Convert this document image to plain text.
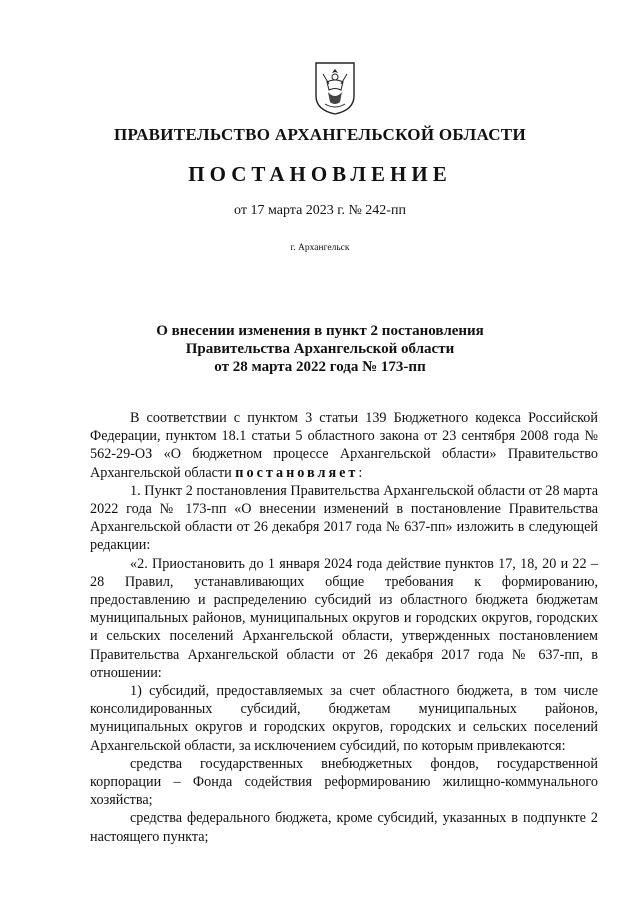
ПРАВИТЕЛЬСТВО АРХАНГЕЛЬСКОЙ ОБЛАСТИ
ПОСТАНОВЛЕНИЕ
от 17 марта 2023 г. № 242-пп
г. Архангельск
О внесении изменения в пункт 2 постановления
Правительства Архангельской области
от 28 марта 2022 года № 173-пп

В соответствии с пунктом 3 статьи 139 Бюджетного кодекса Российской Федерации, пунктом 18.1 статьи 5 областного закона от 23 сентября 2008 года № 562-29-ОЗ «О бюджетном процессе Архангельской области» Правительство Архангельской области постановляет:

1. Пункт 2 постановления Правительства Архангельской области от 28 марта 2022 года № 173-пп «О внесении изменений в постановление Правительства Архангельской области от 26 декабря 2017 года № 637-пп» изложить в следующей редакции:

«2. Приостановить до 1 января 2024 года действие пунктов 17, 18, 20 и 22 – 28 Правил, устанавливающих общие требования к формированию, предоставлению и распределению субсидий из областного бюджета бюджетам муниципальных районов, муниципальных округов и городских округов, городских и сельских поселений Архангельской области, утвержденных постановлением Правительства Архангельской области от 26 декабря 2017 года № 637-пп, в отношении:

1) субсидий, предоставляемых за счет областного бюджета, в том числе консолидированных субсидий, бюджетам муниципальных районов, муниципальных округов и городских округов, городских и сельских поселений Архангельской области, за исключением субсидий, по которым привлекаются:

средства государственных внебюджетных фондов, государственной корпорации – Фонда содействия реформированию жилищно-коммунального хозяйства;

средства федерального бюджета, кроме субсидий, указанных в подпункте 2 настоящего пункта;
